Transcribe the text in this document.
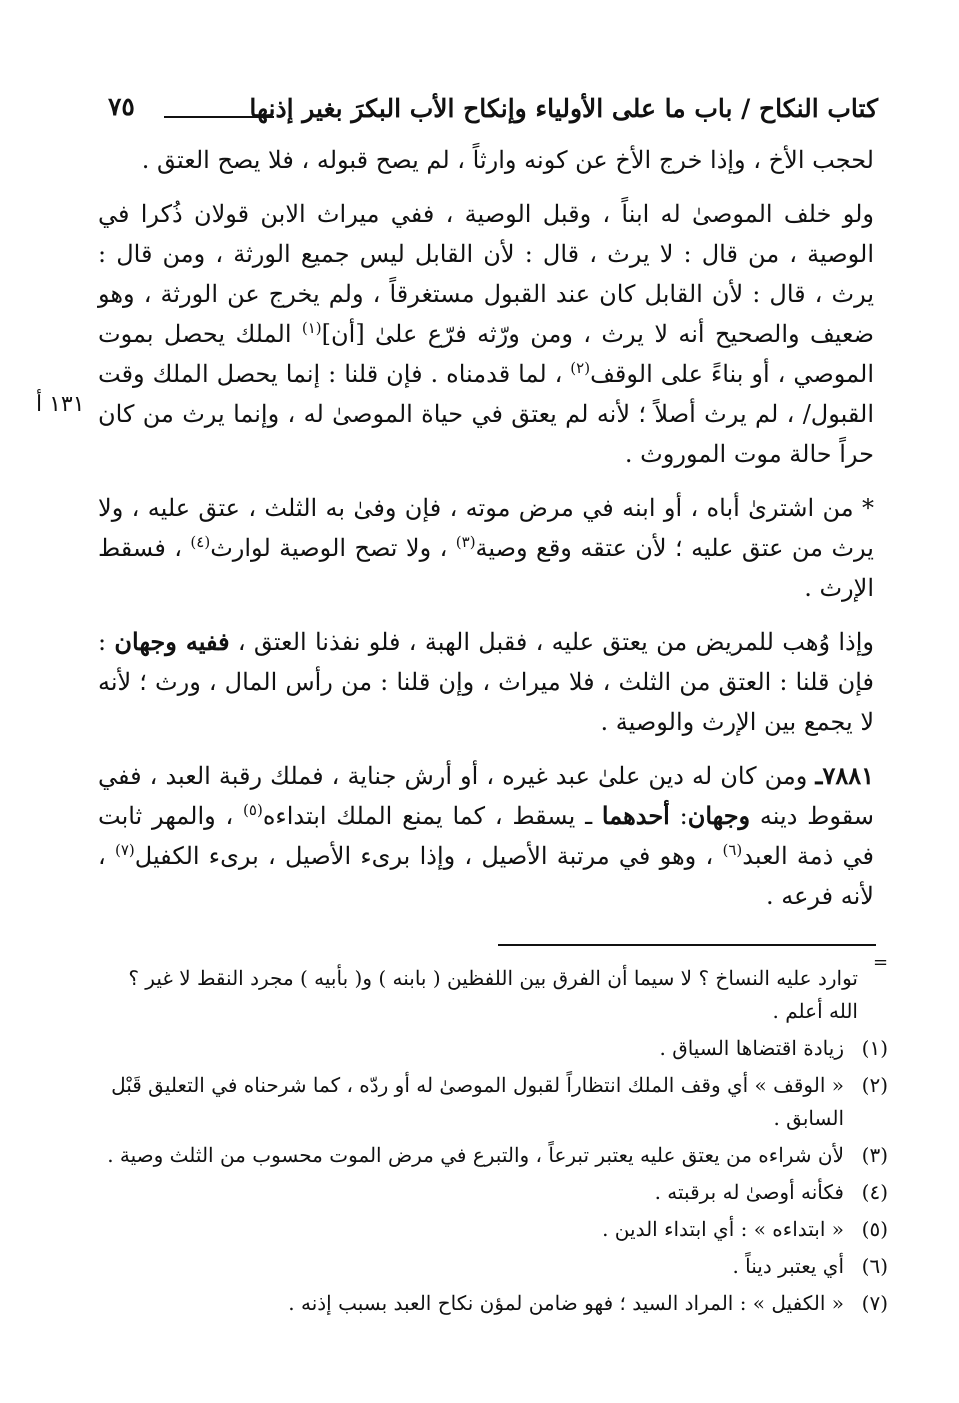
كتاب النكاح / باب ما على الأولياء وإنكاح الأب البكرَ بغير إذنها
٧٥
١٣١ أ

لحجب الأخ ، وإذا خرج الأخ عن كونه وارثاً ، لم يصح قبوله ، فلا يصح العتق .

ولو خلف الموصىٰ له ابناً ، وقبل الوصية ، ففي ميراث الابن قولان ذُكرا في الوصية ، من قال : لا يرث ، قال : لأن القابل ليس جميع الورثة ، ومن قال : يرث ، قال : لأن القابل كان عند القبول مستغرقاً ، ولم يخرج عن الورثة ، وهو ضعيف والصحيح أنه لا يرث ، ومن ورّثه فرّع علىٰ [أن]$^{(١)}$ الملك يحصل بموت الموصي ، أو بناءً على الوقف$^{(٢)}$ ، لما قدمناه . فإن قلنا : إنما يحصل الملك وقت القبول/ ، لم يرث أصلاً ؛ لأنه لم يعتق في حياة الموصىٰ له ، وإنما يرث من كان حراً حالة موت الموروث .

* من اشترىٰ أباه ، أو ابنه في مرض موته ، فإن وفىٰ به الثلث ، عتق عليه ، ولا يرث من عتق عليه ؛ لأن عتقه وقع وصية$^{(٣)}$ ، ولا تصح الوصية لوارث$^{(٤)}$ ، فسقط الإرث .

وإذا وُهب للمريض من يعتق عليه ، فقبل الهبة ، فلو نفذنا العتق ، ففيه وجهان : فإن قلنا : العتق من الثلث ، فلا ميراث ، وإن قلنا : من رأس المال ، ورث ؛ لأنه لا يجمع بين الإرث والوصية .

٧٨٨١ـ ومن كان له دين علىٰ عبد غيره ، أو أرش جناية ، فملك رقبة العبد ، ففي سقوط دينه وجهان: أحدهما ـ يسقط ، كما يمنع الملك ابتداءه$^{(٥)}$ ، والمهر ثابت في ذمة العبد$^{(٦)}$ ، وهو في مرتبة الأصيل ، وإذا برىء الأصيل ، برىء الكفيل$^{(٧)}$ ، لأنه فرعه .

=
توارد عليه النساخ ؟ لا سيما أن الفرق بين اللفظين ( بابنه ) و( بأبيه ) مجرد النقط لا غير ؟ الله أعلم .
(١)
زيادة اقتضاها السياق .
(٢)
« الوقف » أي وقف الملك انتظاراً لقبول الموصىٰ له أو ردّه ، كما شرحناه في التعليق قَبْل السابق .
(٣)
لأن شراءه من يعتق عليه يعتبر تبرعاً ، والتبرع في مرض الموت محسوب من الثلث وصية .
(٤)
فكأنه أوصىٰ له برقبته .
(٥)
« ابتداءه » : أي ابتداء الدين .
(٦)
أي يعتبر ديناً .
(٧)
« الكفيل » : المراد السيد ؛ فهو ضامن لمؤن نكاح العبد بسبب إذنه .
